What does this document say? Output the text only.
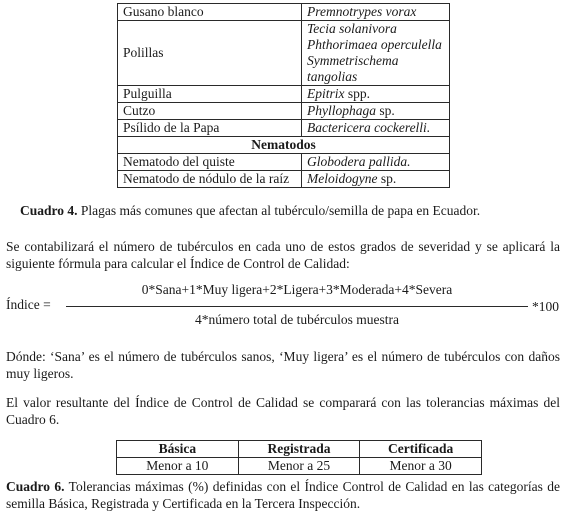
Gusano blanco	Premnotrypes vorax
Polillas	Tecia solanivora
Phthorimaea operculella
Symmetrischema tangolias

Pulguilla	Epitrix spp.
Cutzo	Phyllophaga sp.
Psílido de la Papa	Bactericera cockerelli.
Nematodos	
Nematodo del quiste	Globodera pallida.
Nematodo de nódulo de la raíz	Meloidogyne sp.
Cuadro 4. Plagas más comunes que afectan al tubérculo/semilla de papa en Ecuador.

Se contabilizará el número de tubérculos en cada uno de estos grados de severidad y se aplicará la siguiente fórmula para calcular el Índice de Control de Calidad:

0*Sana+1*Muy ligera+2*Ligera+3*Moderada+4*Severa
Índice =	*100
4*número total de tubérculos muestra

Dónde: ‘Sana’ es el número de tubérculos sanos, ‘Muy ligera’ es el número de tubérculos con daños muy ligeros.

El valor resultante del Índice de Control de Calidad se comparará con las tolerancias máximas del Cuadro 6.

Básica	Registrada	Certificada
Menor a 10	Menor a 25	Menor a 30
Cuadro 6. Tolerancias máximas (%) definidas con el Índice Control de Calidad en las categorías de semilla Básica, Registrada y Certificada en la Tercera Inspección.
